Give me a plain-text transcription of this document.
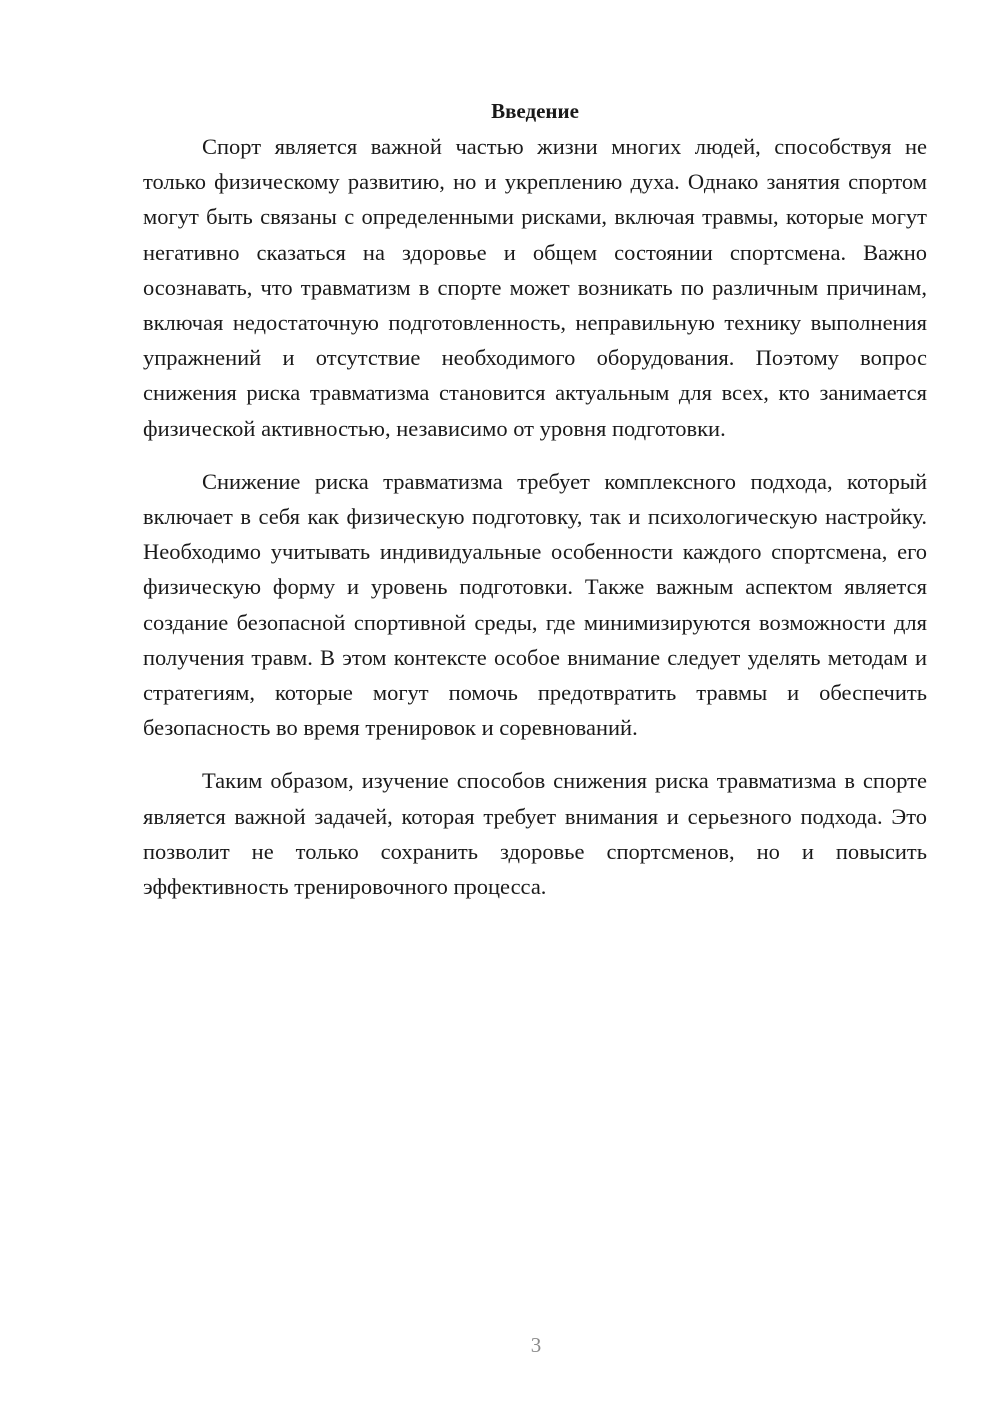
Введение

Спорт является важной частью жизни многих людей, способствуя не только физическому развитию, но и укреплению духа. Однако занятия спортом могут быть связаны с определенными рисками, включая травмы, которые могут негативно сказаться на здоровье и общем состоянии спортсмена. Важно осознавать, что травматизм в спорте может возникать по различным причинам, включая недостаточную подготовленность, неправильную технику выполнения упражнений и отсутствие необходимого оборудования. Поэтому вопрос снижения риска травматизма становится актуальным для всех, кто занимается физической активностью, независимо от уровня подготовки.

Снижение риска травматизма требует комплексного подхода, который включает в себя как физическую подготовку, так и психологическую настройку. Необходимо учитывать индивидуальные особенности каждого спортсмена, его физическую форму и уровень подготовки. Также важным аспектом является создание безопасной спортивной среды, где минимизируются возможности для получения травм. В этом контексте особое внимание следует уделять методам и стратегиям, которые могут помочь предотвратить травмы и обеспечить безопасность во время тренировок и соревнований.

Таким образом, изучение способов снижения риска травматизма в спорте является важной задачей, которая требует внимания и серьезного подхода. Это позволит не только сохранить здоровье спортсменов, но и повысить эффективность тренировочного процесса.

3
